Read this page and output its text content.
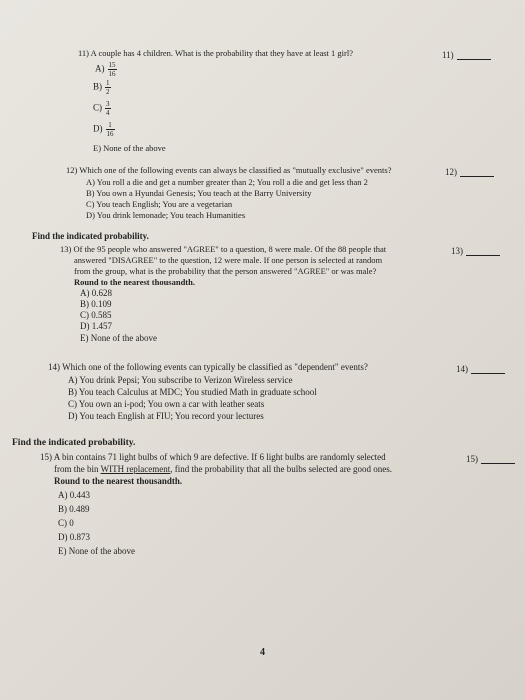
11) A couple has 4 children. What is the probability that they have at least 1 girl?	11)
$A) \frac{15}{16}$
$B) \frac{1}{2}$
$C) \frac{3}{4}$
$D) \frac{1}{16}$
E) None of the above
12) Which one of the following events can always be classified as "mutually exclusive" events?	12)
A) You roll a die and get a number greater than 2; You roll a die and get less than 2
B) You own a Hyundai Genesis; You teach at the Barry University
C) You teach English; You are a vegetarian
D) You drink lemonade; You teach Humanities
Find the indicated probability.
13) Of the 95 people who answered "AGREE" to a question, 8 were male. Of the 88 people that	13)
answered "DISAGREE" to the question, 12 were male. If one person is selected at random
from the group, what is the probability that the person answered "AGREE" or was male?
Round to the nearest thousandth.
A) 0.628
B) 0.109
C) 0.585
D) 1.457
E) None of the above
14) Which one of the following events can typically be classified as "dependent" events?	14)
A) You drink Pepsi; You subscribe to Verizon Wireless service
B) You teach Calculus at MDC; You studied Math in graduate school
C) You own an i-pod; You own a car with leather seats
D) You teach English at FIU; You record your lectures
Find the indicated probability.
15) A bin contains 71 light bulbs of which 9 are defective. If 6 light bulbs are randomly selected	15)
from the bin WITH replacement, find the probability that all the bulbs selected are good ones.
Round to the nearest thousandth.
A) 0.443
B) 0.489
C) 0
D) 0.873
E) None of the above
4
